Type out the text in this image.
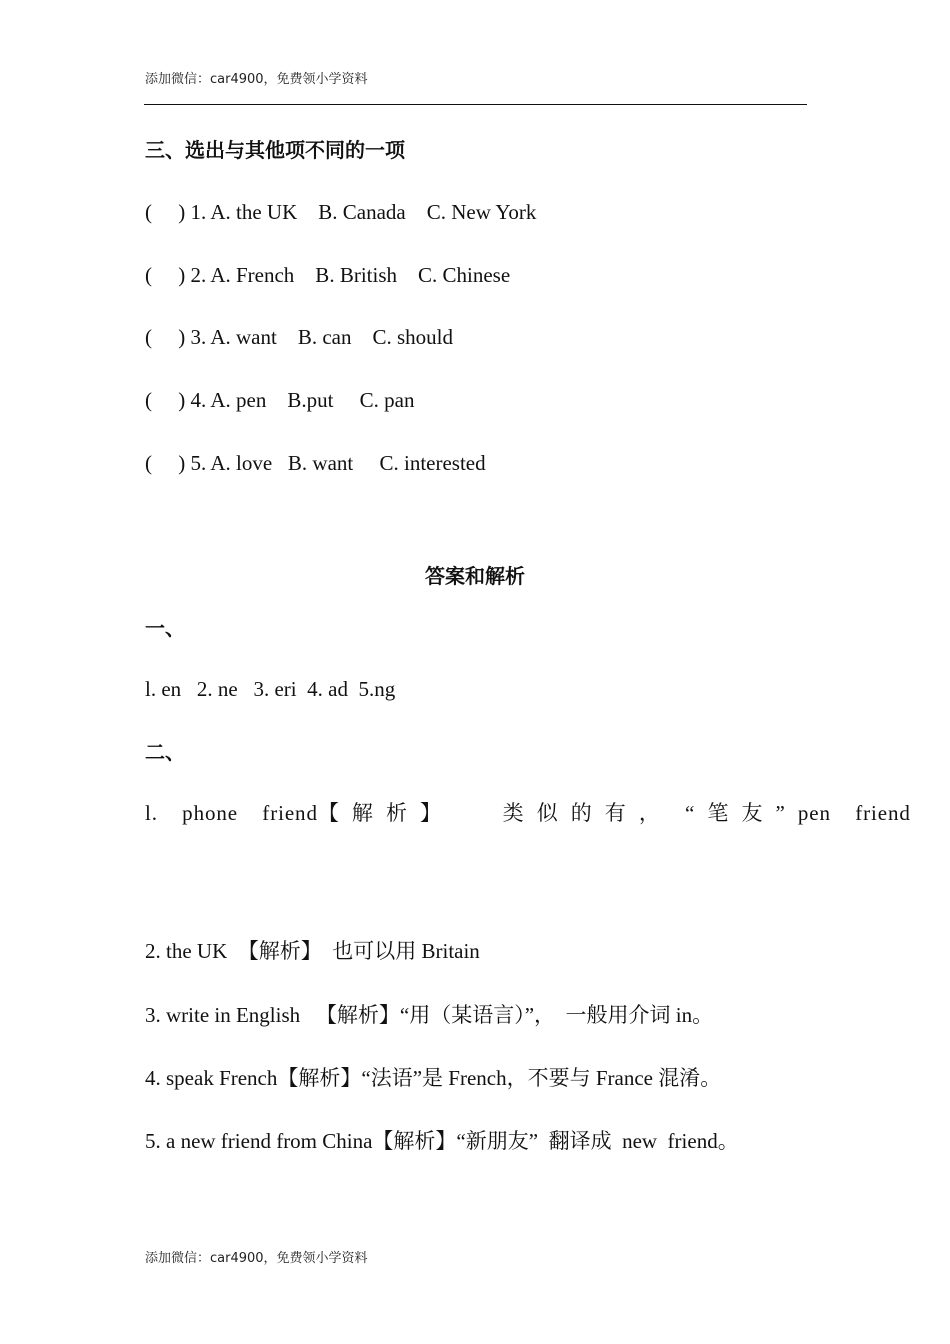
添加微信：car4900，免费领小学资料
三、选出与其他项不同的一项
(     ) 1. A. the UK    B. Canada    C. New York
(     ) 2. A. French    B. British    C. Chinese
(     ) 3. A. want    B. can    C. should
(     ) 4. A. pen    B.put     C. pan
(     ) 5. A. love   B. want     C. interested
答案和解析
一、
l. en   2. ne   3. eri  4. ad  5.ng
二、
l.  phone  friend【 解 析 】     类 似 的 有 ，  “ 笔 友 ” pen  friend
2. the UK  【解析】  也可以用 Britain
3. write in English   【解析】“用（某语言）”，  一般用介词 in。
4. speak French【解析】“法语”是 French，不要与 France 混淆。
5. a new friend from China【解析】“新朋友”  翻译成  new  friend。
添加微信：car4900，免费领小学资料
